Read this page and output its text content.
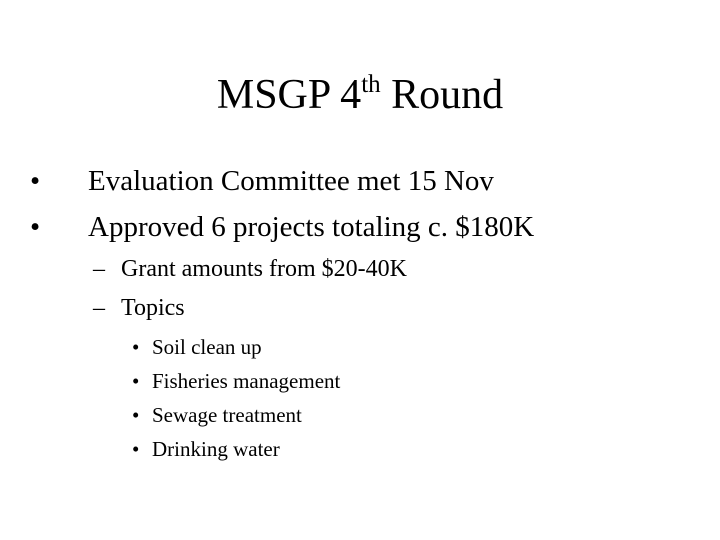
MSGP 4th Round
•	Evaluation Committee met 15 Nov
•	Approved 6 projects totaling c. $180K
– Grant amounts from $20-40K
– Topics
• Soil clean up
• Fisheries management
• Sewage treatment
• Drinking water
